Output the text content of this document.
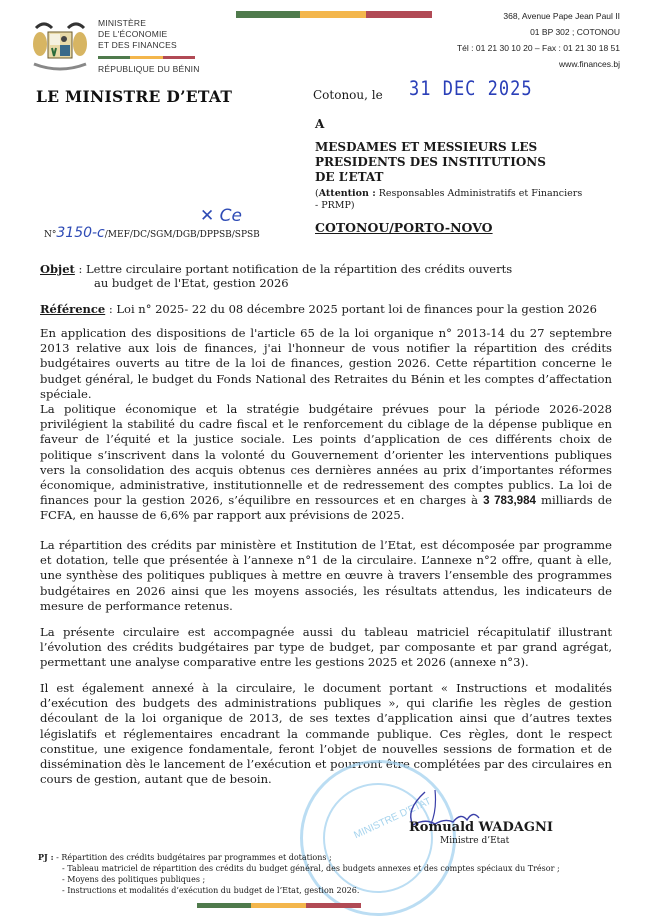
MINISTÈRE
DE L'ÉCONOMIE
ET DES FINANCES
RÉPUBLIQUE DU BÉNIN
368, Avenue Pape Jean Paul II
01 BP 302 ; COTONOU
Tél : 01 21 30 10 20 – Fax : 01 21 30 18 51
www.finances.bj
LE MINISTRE D’ETAT	Cotonou, le 31 DEC 2025
A
MESDAMES ET MESSIEURS LES
PRESIDENTS DES INSTITUTIONS
DE L’ETAT
(Attention : Responsables Administratifs et Financiers - PRMP)
COTONOU/PORTO-NOVO
N°3150-c/MEF/DC/SGM/DGB/DPPSB/SPSB
✕ Ce
Objet : Lettre circulaire portant notification de la répartition des crédits ouverts
au budget de l'Etat, gestion 2026
Référence : Loi n° 2025- 22 du 08 décembre 2025 portant loi de finances pour la gestion 2026
En application des dispositions de l'article 65 de la loi organique n° 2013-14 du 27 septembre 2013 relative aux lois de finances, j'ai l'honneur de vous notifier la répartition des crédits budgétaires ouverts au titre de la loi de finances, gestion 2026. Cette répartition concerne le budget général, le budget du Fonds National des Retraites du Bénin et les comptes d’affectation spéciale.
La politique économique et la stratégie budgétaire prévues pour la période 2026-2028 privilégient la stabilité du cadre fiscal et le renforcement du ciblage de la dépense publique en faveur de l’équité et la justice sociale. Les points d’application de ces différents choix de politique s’inscrivent dans la volonté du Gouvernement d’orienter les interventions publiques vers la consolidation des acquis obtenus ces dernières années au prix d’importantes réformes économique, administrative, institutionnelle et de redressement des comptes publics. La loi de finances pour la gestion 2026, s’équilibre en ressources et en charges à 3 783,984 milliards de FCFA, en hausse de 6,6% par rapport aux prévisions de 2025.
La répartition des crédits par ministère et Institution de l’Etat, est décomposée par programme et dotation, telle que présentée à l’annexe n°1 de la circulaire. L’annexe n°2 offre, quant à elle, une synthèse des politiques publiques à mettre en œuvre à travers l’ensemble des programmes budgétaires en 2026 ainsi que les moyens associés, les résultats attendus, les indicateurs de mesure de performance retenus.
La présente circulaire est accompagnée aussi du tableau matriciel récapitulatif illustrant l’évolution des crédits budgétaires par type de budget, par composante et par grand agrégat, permettant une analyse comparative entre les gestions 2025 et 2026 (annexe n°3).
Il est également annexé à la circulaire, le document portant « Instructions et modalités d’exécution des budgets des administrations publiques », qui clarifie les règles de gestion découlant de la loi organique de 2013, de ses textes d’application ainsi que d’autres textes législatifs et réglementaires encadrant la commande publique. Ces règles, dont le respect constitue, une exigence fondamentale, feront l’objet de nouvelles sessions de formation et de dissémination dès le lancement de l’exécution et pourront être complétées par des circulaires en cours de gestion, autant que de besoin.
MINISTRE D'ETAT
Romuald WADAGNI
Ministre d’Etat
PJ : - Répartition des crédits budgétaires par programmes et dotations ;
- Tableau matriciel de répartition des crédits du budget général, des budgets annexes et des comptes spéciaux du Trésor ;
- Moyens des politiques publiques ;
- Instructions et modalités d’exécution du budget de l’Etat, gestion 2026.
